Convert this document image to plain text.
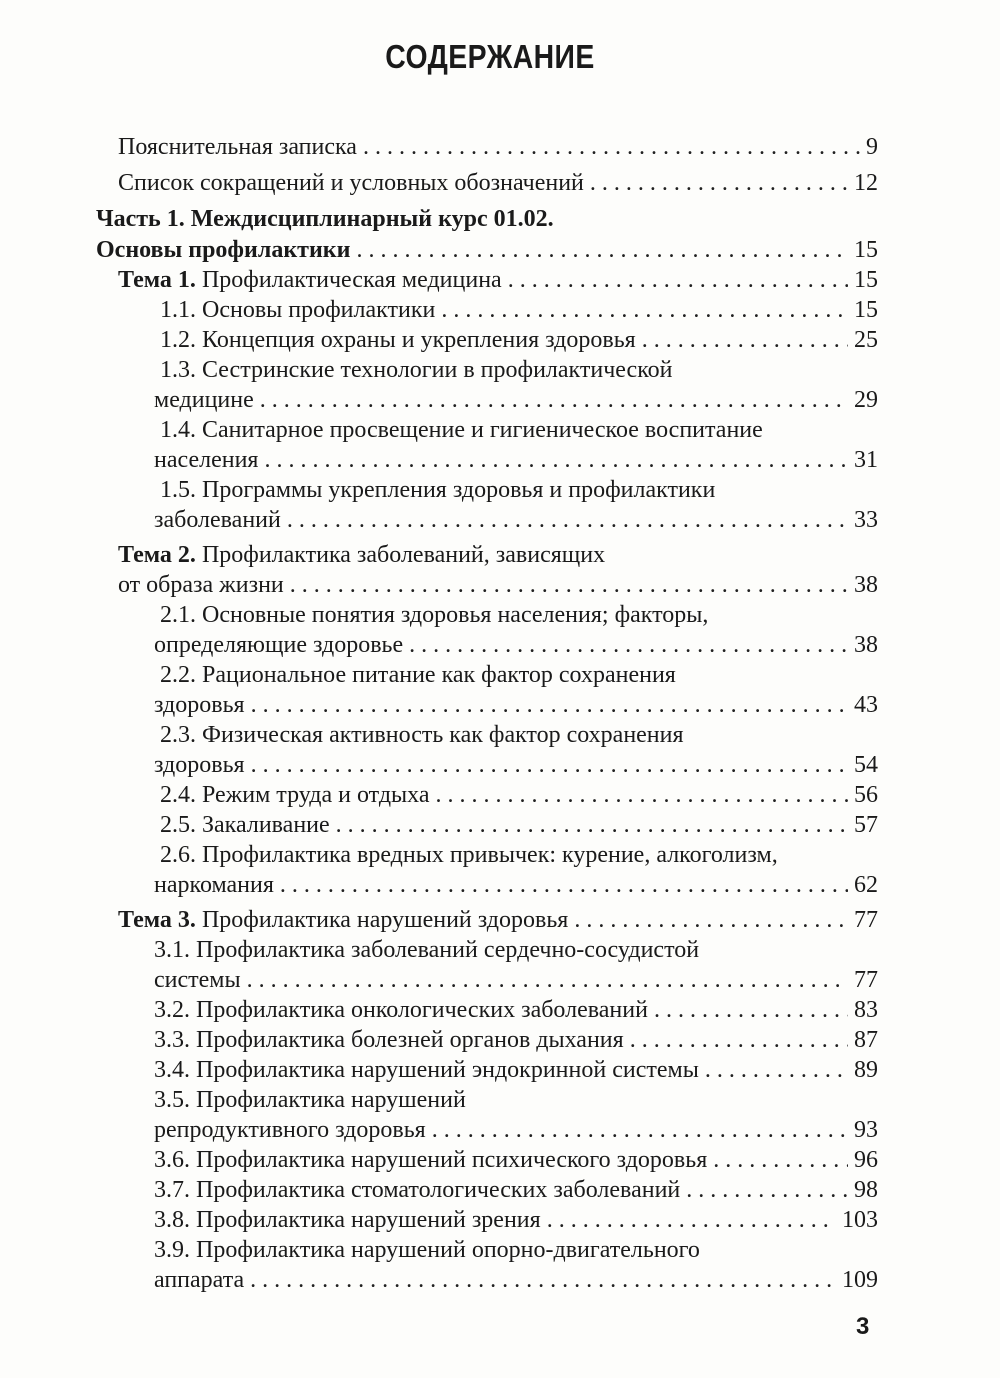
СОДЕРЖАНИЕ
Пояснительная записка . . .	9
Список сокращений и условных обозначений . . .	12
Часть 1. Междисциплинарный курс 01.02.
Основы профилактики . . .	15
Тема 1. Профилактическая медицина . . .	15
1.1. Основы профилактики . . .	15
1.2. Концепция охраны и укрепления здоровья . . .	25
1.3. Сестринские технологии в профилактической
медицине . . .	29
1.4. Санитарное просвещение и гигиеническое воспитание
населения . . .	31
1.5. Программы укрепления здоровья и профилактики
заболеваний . . .	33
Тема 2. Профилактика заболеваний, зависящих
от образа жизни . . .	38
2.1. Основные понятия здоровья населения; факторы,
определяющие здоровье . . .	38
2.2. Рациональное питание как фактор сохранения
здоровья . . .	43
2.3. Физическая активность как фактор сохранения
здоровья . . .	54
2.4. Режим труда и отдыха . . .	56
2.5. Закаливание . . .	57
2.6. Профилактика вредных привычек: курение, алкоголизм,
наркомания . . .	62
Тема 3. Профилактика нарушений здоровья . . .	77
3.1. Профилактика заболеваний сердечно-сосудистой
системы . . .	77
3.2. Профилактика онкологических заболеваний . . .	83
3.3. Профилактика болезней органов дыхания . . .	87
3.4. Профилактика нарушений эндокринной системы . . .	89
3.5. Профилактика нарушений
репродуктивного здоровья . . .	93
3.6. Профилактика нарушений психического здоровья . . .	96
3.7. Профилактика стоматологических заболеваний . . .	98
3.8. Профилактика нарушений зрения . . .	103
3.9. Профилактика нарушений опорно-двигательного
аппарата . . .	109
3
